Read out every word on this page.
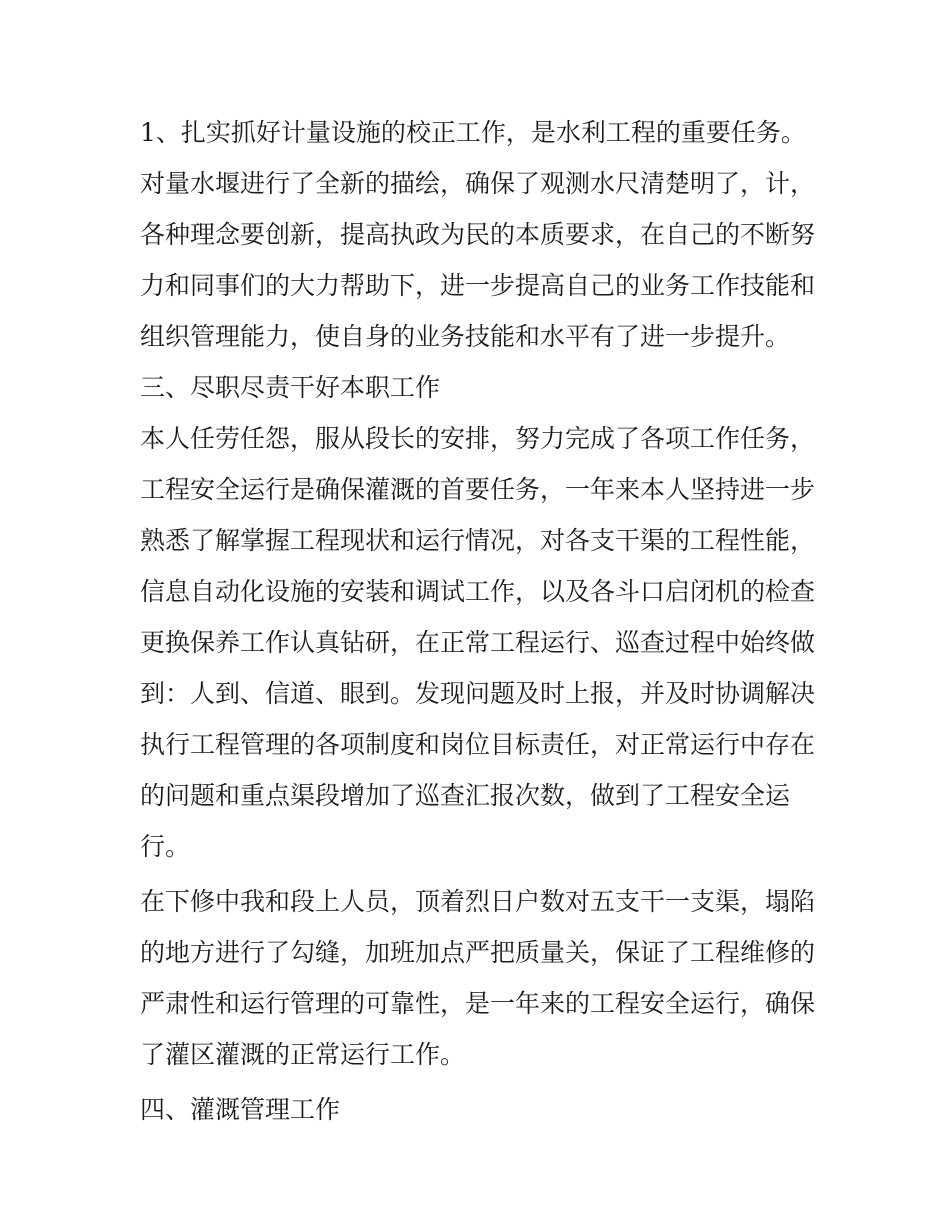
1、扎实抓好计量设施的校正工作，是水利工程的重要任务。
对量水堰进行了全新的描绘，确保了观测水尺清楚明了，计，
各种理念要创新，提高执政为民的本质要求，在自己的不断努
力和同事们的大力帮助下，进一步提高自己的业务工作技能和
组织管理能力，使自身的业务技能和水平有了进一步提升。
三、尽职尽责干好本职工作
本人任劳任怨，服从段长的安排，努力完成了各项工作任务，
工程安全运行是确保灌溉的首要任务，一年来本人坚持进一步
熟悉了解掌握工程现状和运行情况，对各支干渠的工程性能，
信息自动化设施的安装和调试工作，以及各斗口启闭机的检查
更换保养工作认真钻研，在正常工程运行、巡查过程中始终做
到：人到、信道、眼到。发现问题及时上报，并及时协调解决
执行工程管理的各项制度和岗位目标责任，对正常运行中存在
的问题和重点渠段增加了巡查汇报次数，做到了工程安全运
行。
在下修中我和段上人员，顶着烈日户数对五支干一支渠，塌陷
的地方进行了勾缝，加班加点严把质量关，保证了工程维修的
严肃性和运行管理的可靠性，是一年来的工程安全运行，确保
了灌区灌溉的正常运行工作。
四、灌溉管理工作
